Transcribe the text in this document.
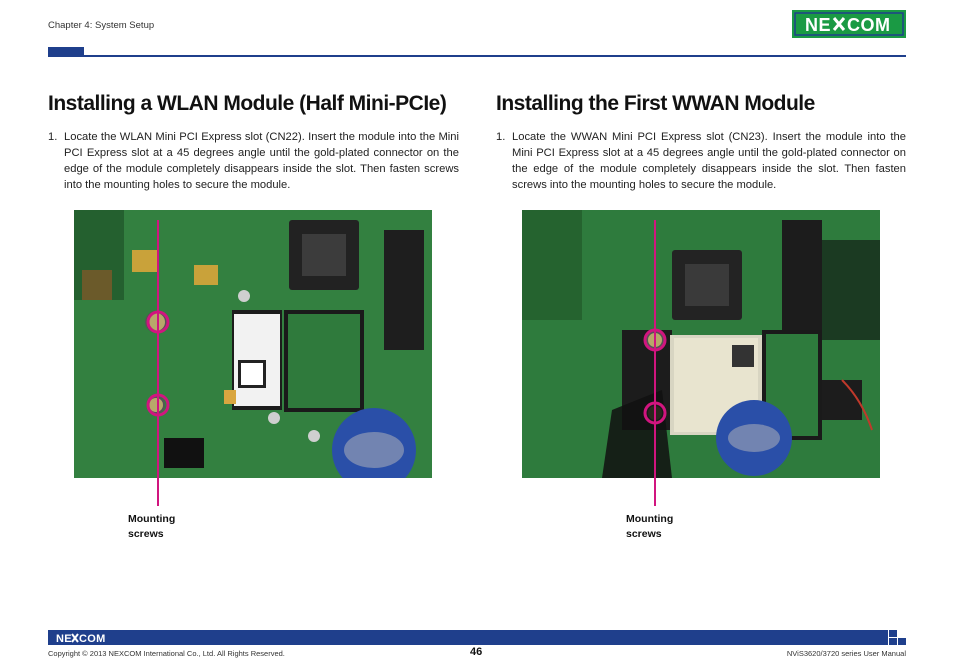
Chapter 4: System Setup	NE COM
Installing a WLAN Module (Half Mini-PCIe)
1. Locate the WLAN Mini PCI Express slot (CN22). Insert the module into the Mini PCI Express slot at a 45 degrees angle until the gold-plated connector on the edge of the module completely disappears inside the slot. Then fasten screws into the mounting holes to secure the module.
Mounting
screws
Installing the First WWAN Module
1. Locate the WWAN Mini PCI Express slot (CN23). Insert the module into the Mini PCI Express slot at a 45 degrees angle until the gold-plated connector on the edge of the module completely disappears inside the slot. Then fasten screws into the mounting holes to secure the module.
Mounting
screws
NE COM
Copyright © 2013 NEXCOM International Co., Ltd. All Rights Reserved.	46	NViS3620/3720 series User Manual
